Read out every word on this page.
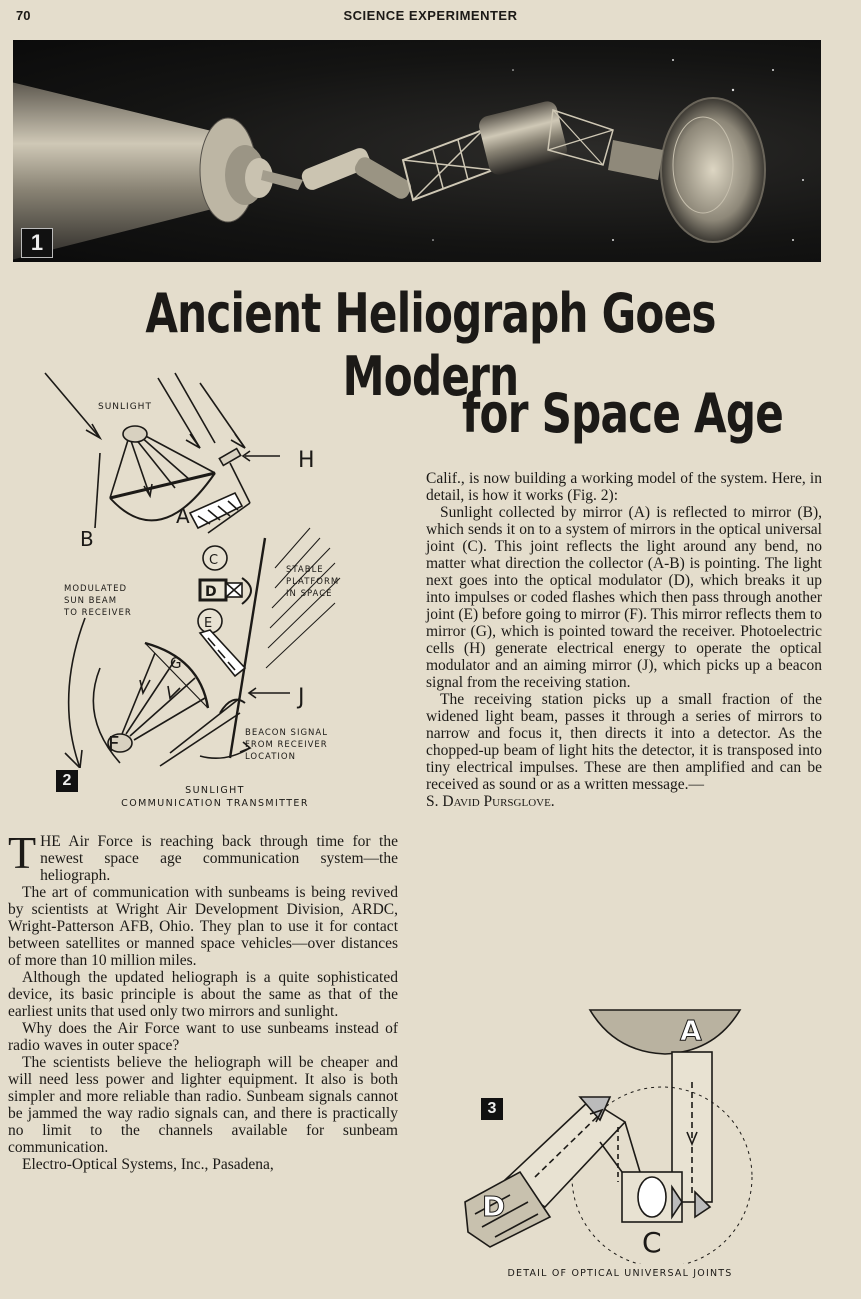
70	SCIENCE EXPERIMENTER
1
Ancient Heliograph Goes Modern
for Space Age
SUNLIGHT
H
A
B
C
D
E
MODULATED
SUN BEAM
TO RECEIVER
STABLE
PLATFORM
IN SPACE
G
J
BEACON SIGNAL
FROM RECEIVER
LOCATION
F
2
SUNLIGHT
COMMUNICATION TRANSMITTER

THE Air Force is reaching back through time for the newest space age communication system—the heliograph.

The art of communication with sunbeams is being revived by scientists at Wright Air Development Division, ARDC, Wright-Patterson AFB, Ohio. They plan to use it for contact between satellites or manned space vehicles—over distances of more than 10 million miles.

Although the updated heliograph is a quite sophisticated device, its basic principle is about the same as that of the earliest units that used only two mirrors and sunlight.

Why does the Air Force want to use sunbeams instead of radio waves in outer space?

The scientists believe the heliograph will be cheaper and will need less power and lighter equipment. It also is both simpler and more reliable than radio. Sunbeam signals cannot be jammed the way radio signals can, and there is practically no limit to the channels available for sunbeam communication.

Electro-Optical Systems, Inc., Pasadena,

Calif., is now building a working model of the system. Here, in detail, is how it works (Fig. 2):

Sunlight collected by mirror (A) is reflected to mirror (B), which sends it on to a system of mirrors in the optical universal joint (C). This joint reflects the light around any bend, no matter what direction the collector (A-B) is pointing. The light next goes into the optical modulator (D), which breaks it up into impulses or coded flashes which then pass through another joint (E) before going to mirror (F). This mirror reflects them to mirror (G), which is pointed toward the receiver. Photoelectric cells (H) generate electrical energy to operate the optical modulator and an aiming mirror (J), which picks up a beacon signal from the receiving station.

The receiving station picks up a small fraction of the widened light beam, passes it through a series of mirrors to narrow and focus it, then directs it into a detector. As the chopped-up beam of light hits the detector, it is transposed into tiny electrical impulses. These are then amplified and can be received as sound or as a written message.—

S. David Pursglove.

A
D
C
3
DETAIL OF OPTICAL UNIVERSAL JOINTS
